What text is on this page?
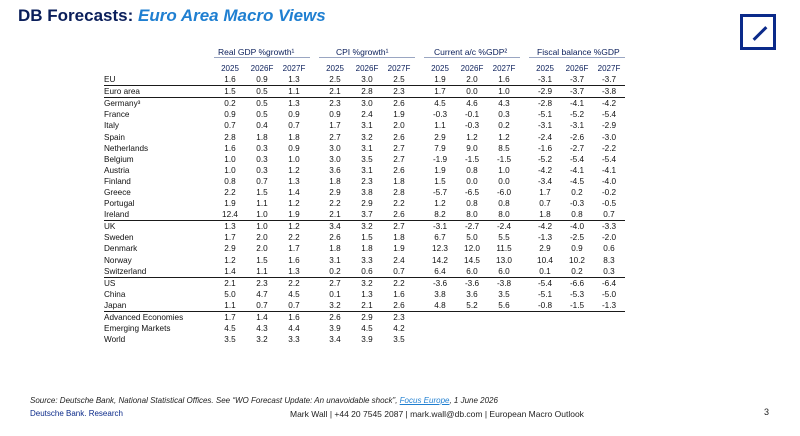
DB Forecasts: Euro Area Macro Views
Real GDP %growth¹	CPI %growth¹	Current a/c %GDP²	Fiscal balance %GDP
2025	2026F	2027F	2025	2026F	2027F	2025	2026F	2027F	2025	2026F	2027F
EU	1.6	0.9	1.3		2.5	3.0	2.5		1.9	2.0	1.6		-3.1	-3.7	-3.7
Euro area	1.5	0.5	1.1		2.1	2.8	2.3		1.7	0.0	1.0		-2.9	-3.7	-3.8
Germany³	0.2	0.5	1.3		2.3	3.0	2.6		4.5	4.6	4.3		-2.8	-4.1	-4.2
France	0.9	0.5	0.9		0.9	2.4	1.9		-0.3	-0.1	0.3		-5.1	-5.2	-5.4
Italy	0.7	0.4	0.7		1.7	3.1	2.0		1.1	-0.3	0.2		-3.1	-3.1	-2.9
Spain	2.8	1.8	1.8		2.7	3.2	2.6		2.9	1.2	1.2		-2.4	-2.6	-3.0
Netherlands	1.6	0.3	0.9		3.0	3.1	2.7		7.9	9.0	8.5		-1.6	-2.7	-2.2
Belgium	1.0	0.3	1.0		3.0	3.5	2.7		-1.9	-1.5	-1.5		-5.2	-5.4	-5.4
Austria	1.0	0.3	1.2		3.6	3.1	2.6		1.9	0.8	1.0		-4.2	-4.1	-4.1
Finland	0.8	0.7	1.3		1.8	2.3	1.8		1.5	0.0	0.0		-3.4	-4.5	-4.0
Greece	2.2	1.5	1.4		2.9	3.8	2.8		-5.7	-6.5	-6.0		1.7	0.2	-0.2
Portugal	1.9	1.1	1.2		2.2	2.9	2.2		1.2	0.8	0.8		0.7	-0.3	-0.5
Ireland	12.4	1.0	1.9		2.1	3.7	2.6		8.2	8.0	8.0		1.8	0.8	0.7
UK	1.3	1.0	1.2		3.4	3.2	2.7		-3.1	-2.7	-2.4		-4.2	-4.0	-3.3
Sweden	1.7	2.0	2.2		2.6	1.5	1.8		6.7	5.0	5.5		-1.3	-2.5	-2.0
Denmark	2.9	2.0	1.7		1.8	1.8	1.9		12.3	12.0	11.5		2.9	0.9	0.6
Norway	1.2	1.5	1.6		3.1	3.3	2.4		14.2	14.5	13.0		10.4	10.2	8.3
Switzerland	1.4	1.1	1.3		0.2	0.6	0.7		6.4	6.0	6.0		0.1	0.2	0.3
US	2.1	2.3	2.2		2.7	3.2	2.2		-3.6	-3.6	-3.8		-5.4	-6.6	-6.4
China	5.0	4.7	4.5		0.1	1.3	1.6		3.8	3.6	3.5		-5.1	-5.3	-5.0
Japan	1.1	0.7	0.7		3.2	2.1	2.6		4.8	5.2	5.6		-0.8	-1.5	-1.3
Advanced Economies	1.7	1.4	1.6		2.6	2.9	2.3								
Emerging Markets	4.5	4.3	4.4		3.9	4.5	4.2								
World	3.5	3.2	3.3		3.4	3.9	3.5								
Source: Deutsche Bank, National Statistical Offices. See “WO Forecast Update: An unavoidable shock”, Focus Europe, 1 June 2026
Deutsche Bank. Research	Mark Wall | +44 20 7545 2087 | mark.wall@db.com | European Macro Outlook	3
